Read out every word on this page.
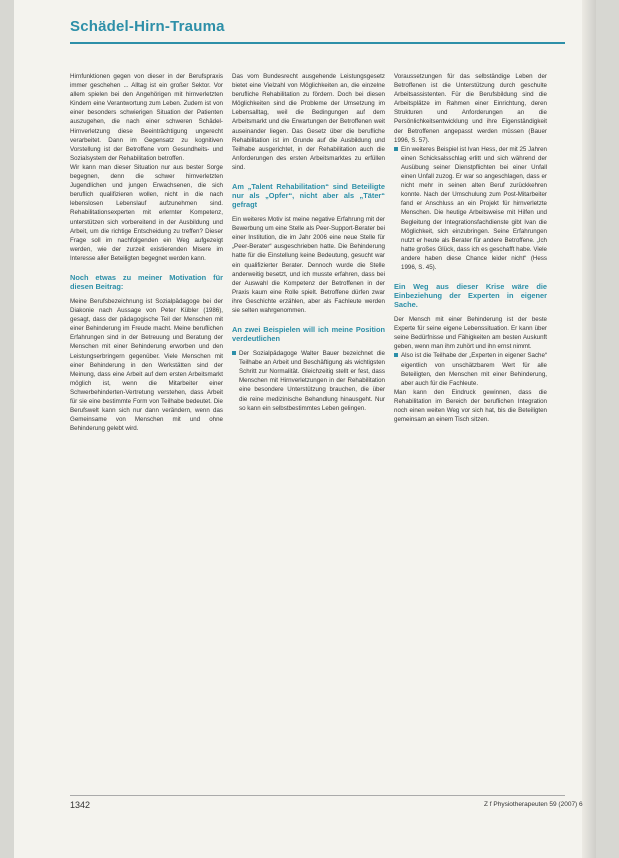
Schädel-Hirn-Trauma

Hirnfunktionen gegen von dieser in der Berufspraxis immer geschehen ... Alltag ist ein großer Sektor. Vor allem spielen bei den Angehörigen mit hirnverletzten Kindern eine Verantwortung zum Leben. Zudem ist von einer besonders schwierigen Situation der Patienten auszugehen, die nach einer schweren Schädel-Hirnverletzung diese Beeinträchtigung ungerecht verarbeitet. Dann im Gegensatz zu kognitiven Vorstellung ist der Betroffene vom Gesundheits- und Sozialsystem der Rehabilitation betroffen.

Wir kann man dieser Situation nur aus bester Sorge begegnen, denn die schwer hirnverletzten Jugendlichen und jungen Erwachsenen, die sich beruflich qualifizieren wollen, nicht in die nach lebenslosen Lebenslauf aufzunehmen sind. Rehabilitationsexperten mit erlernter Kompetenz, unterstützen sich vorbereitend in der Ausbildung und Arbeit, um die richtige Entscheidung zu treffen? Dieser Frage soll im nachfolgenden ein Weg aufgezeigt werden, wie der zurzeit existierenden Misere im Interesse aller Beteiligten begegnet werden kann.

Noch etwas zu meiner Motivation für diesen Beitrag:

Meine Berufsbezeichnung ist Sozialpädagoge bei der Diakonie nach Aussage von Peter Kübler (1986), gesagt, dass der pädagogische Teil der Menschen mit einer Behinderung im Freude macht. Meine beruflichen Erfahrungen sind in der Betreuung und Beratung der Menschen mit einer Behinderung erworben und den Leistungserbringern gegenüber. Viele Menschen mit einer Behinderung in den Werkstätten sind der Meinung, dass eine Arbeit auf dem ersten Arbeitsmarkt möglich ist, wenn die Mitarbeiter einer Schwerbehinderten-Vertretung verstehen, dass Arbeit für sie eine bestimmte Form von Teilhabe bedeutet. Die Berufswelt kann sich nur dann verändern, wenn das Gemeinsame von Menschen mit und ohne Behinderung gelebt wird.

Das vom Bundesrecht ausgehende Leistungsgesetz bietet eine Vielzahl von Möglichkeiten an, die einzelne berufliche Rehabilitation zu fördern. Doch bei diesen Möglichkeiten sind die Probleme der Umsetzung im Lebensalltag, weil die Bedingungen auf dem Arbeitsmarkt und die Erwartungen der Betroffenen weit auseinander liegen. Das Gesetz über die berufliche Rehabilitation ist im Grunde auf die Ausbildung und Teilhabe ausgerichtet, in der Rehabilitation auch die Anforderungen des ersten Arbeitsmarktes zu erfüllen sind.

Am „Talent Rehabilitation“ sind Beteiligte nur als „Opfer“, nicht aber als „Täter“ gefragt

Ein weiteres Motiv ist meine negative Erfahrung mit der Bewerbung um eine Stelle als Peer-Support-Berater bei einer Institution, die im Jahr 2006 eine neue Stelle für „Peer-Berater“ ausgeschrieben hatte. Die Behinderung hatte für die Einstellung keine Bedeutung, gesucht war ein qualifizierter Berater. Dennoch wurde die Stelle anderweitig besetzt, und ich musste erfahren, dass bei der Auswahl die Kompetenz der Betroffenen in der Praxis kaum eine Rolle spielt. Betroffene dürfen zwar ihre Geschichte erzählen, aber als Fachleute werden sie selten wahrgenommen.

An zwei Beispielen will ich meine Position verdeutlichen

Der Sozialpädagoge Walter Bauer bezeichnet die Teilhabe an Arbeit und Beschäftigung als wichtigsten Schritt zur Normalität. Gleichzeitig stellt er fest, dass Menschen mit Hirnverletzungen in der Rehabilitation eine besondere Unterstützung brauchen, die über die reine medizinische Behandlung hinausgeht. Nur so kann ein selbstbestimmtes Leben gelingen.

Voraussetzungen für das selbständige Leben der Betroffenen ist die Unterstützung durch geschulte Arbeitsassistenten. Für die Berufsbildung sind die Arbeitsplätze im Rahmen einer Einrichtung, deren Strukturen und Anforderungen an die Persönlichkeitsentwicklung und ihre Eigenständigkeit der Betroffenen angepasst werden müssen (Bauer 1996, S. 57).

Ein weiteres Beispiel ist Ivan Hess, der mit 25 Jahren einen Schicksalsschlag erlitt und sich während der Ausübung seiner Dienstpflichten bei einer Unfall einen Unfall zuzog. Er war so angeschlagen, dass er nicht mehr in seinen alten Beruf zurückkehren konnte. Nach der Umschulung zum Post-Mitarbeiter fand er Anschluss an ein Projekt für hirnverletzte Menschen. Die heutige Arbeitsweise mit Hilfen und Begleitung der Integrationsfachdienste gibt Ivan die Möglichkeit, sich einzubringen. Seine Erfahrungen nutzt er heute als Berater für andere Betroffene. „Ich hatte großes Glück, dass ich es geschafft habe. Viele andere haben diese Chance leider nicht“ (Hess 1996, S. 45).

Ein Weg aus dieser Krise wäre die Einbeziehung der Experten in eigener Sache.

Der Mensch mit einer Behinderung ist der beste Experte für seine eigene Lebenssituation. Er kann über seine Bedürfnisse und Fähigkeiten am besten Auskunft geben, wenn man ihm zuhört und ihn ernst nimmt.

Also ist die Teilhabe der „Experten in eigener Sache“ eigentlich von unschätzbarem Wert für alle Beteiligten, den Menschen mit einer Behinderung, aber auch für die Fachleute.

Man kann den Eindruck gewinnen, dass die Rehabilitation im Bereich der beruflichen Integration noch einen weiten Weg vor sich hat, bis die Beteiligten gemeinsam an einem Tisch sitzen.

1342	Z f Physiotherapeuten 59 (2007) 6
